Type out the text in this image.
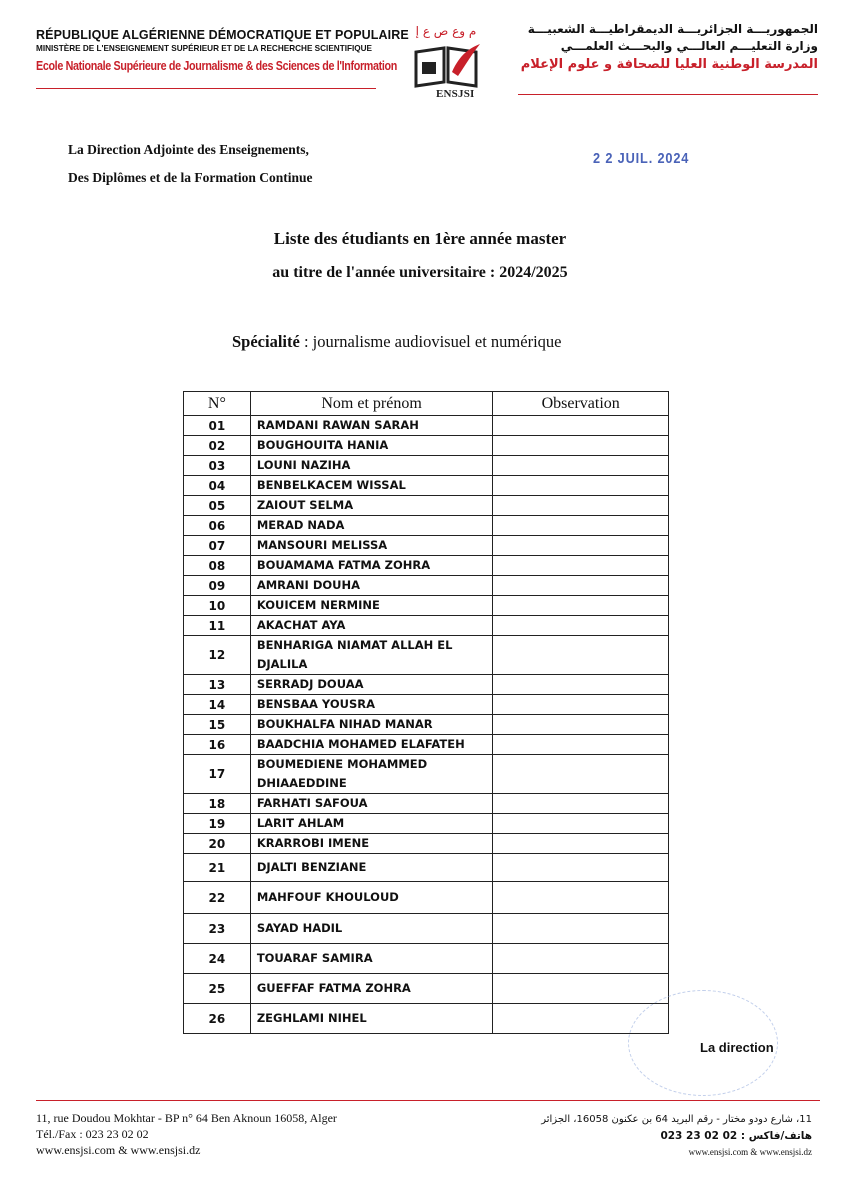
RÉPUBLIQUE ALGÉRIENNE DÉMOCRATIQUE ET POPULAIRE
MINISTÈRE DE L'ENSEIGNEMENT SUPÉRIEUR ET DE LA RECHERCHE SCIENTIFIQUE
Ecole Nationale Supérieure de Journalisme & des Sciences de l'Information
م وع ص ع إ
ENSJSI
الجمهوريـــة الجزائريـــة الديمقراطيـــة الشعبيـــة
وزارة التعليـــم العالـــي والبحـــث العلمـــي
المدرسة الوطنية العليا للصحافة و علوم الإعلام
La Direction Adjointe des Enseignements,
Des Diplômes et de la Formation Continue
2 2 JUIL. 2024
Liste des étudiants en 1ère année master
au titre de l'année universitaire : 2024/2025
Spécialité : journalisme audiovisuel et numérique
N°	Nom et prénom	Observation
01	RAMDANI RAWAN SARAH	
02	BOUGHOUITA HANIA	
03	LOUNI NAZIHA	
04	BENBELKACEM WISSAL	
05	ZAIOUT SELMA	
06	MERAD NADA	
07	MANSOURI MELISSA	
08	BOUAMAMA FATMA ZOHRA	
09	AMRANI DOUHA	
10	KOUICEM NERMINE	
11	AKACHAT AYA	
12	BENHARIGA NIAMAT ALLAH EL DJALILA	
13	SERRADJ DOUAA	
14	BENSBAA YOUSRA	
15	BOUKHALFA NIHAD MANAR	
16	BAADCHIA MOHAMED ELAFATEH	
17	BOUMEDIENE MOHAMMED DHIAAEDDINE	
18	FARHATI SAFOUA	
19	LARIT AHLAM	
20	KRARROBI IMENE	
21	DJALTI BENZIANE	
22	MAHFOUF KHOULOUD	
23	SAYAD HADIL	
24	TOUARAF SAMIRA	
25	GUEFFAF FATMA ZOHRA	
26	ZEGHLAMI NIHEL	
La direction
11, rue Doudou Mokhtar - BP n° 64 Ben Aknoun 16058, Alger
Tél./Fax : 023 23 02 02
www.ensjsi.com & www.ensjsi.dz
11، شارع دودو مختار - رقم البريد 64 بن عكنون 16058، الجزائر
هاتف/فاكس : 02 02 23 023
www.ensjsi.com & www.ensjsi.dz
